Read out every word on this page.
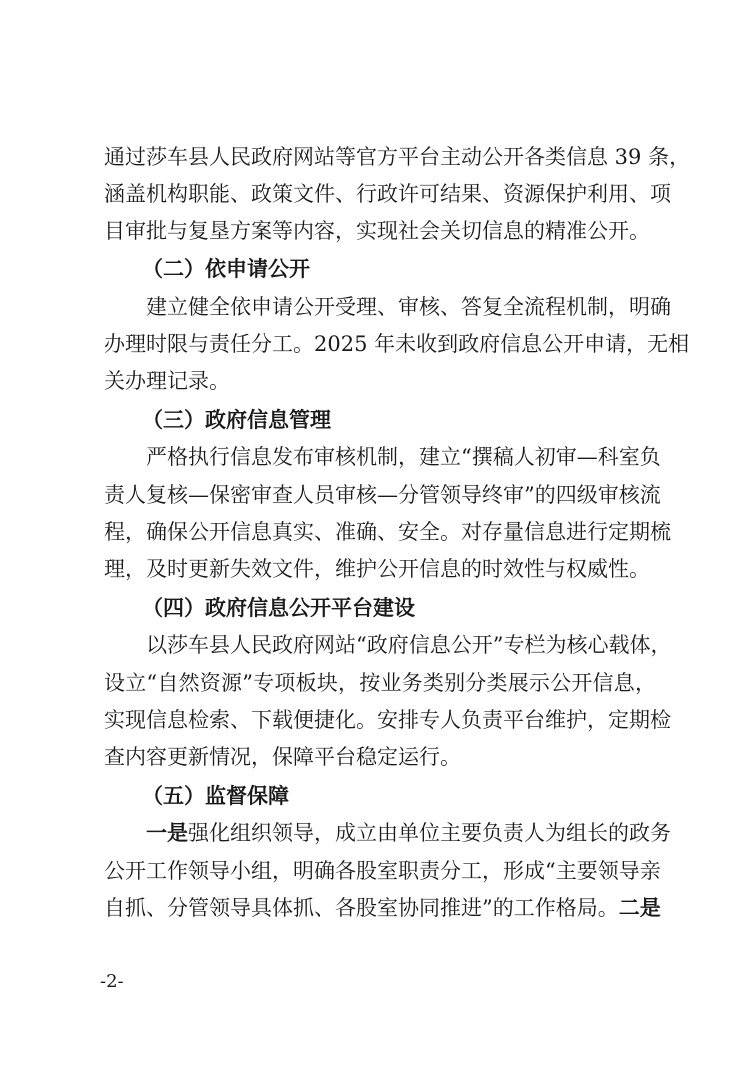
通过莎车县人民政府网站等官方平台主动公开各类信息 39 条，
涵盖机构职能、政策文件、行政许可结果、资源保护利用、项
目审批与复垦方案等内容，实现社会关切信息的精准公开。
（二）依申请公开
建立健全依申请公开受理、审核、答复全流程机制，明确
办理时限与责任分工。2025 年未收到政府信息公开申请，无相
关办理记录。
（三）政府信息管理
严格执行信息发布审核机制，建立“撰稿人初审—科室负
责人复核—保密审查人员审核—分管领导终审”的四级审核流
程，确保公开信息真实、准确、安全。对存量信息进行定期梳
理，及时更新失效文件，维护公开信息的时效性与权威性。
（四）政府信息公开平台建设
以莎车县人民政府网站“政府信息公开”专栏为核心载体，
设立“自然资源”专项板块，按业务类别分类展示公开信息，
实现信息检索、下载便捷化。安排专人负责平台维护，定期检
查内容更新情况，保障平台稳定运行。
（五）监督保障
一是 强化组织领导，成立由单位主要负责人为组长的政务
公开工作领导小组，明确各股室职责分工，形成“主要领导亲
自抓、分管领导具体抓、各股室协同推进”的工作格局。 二是
-2-
